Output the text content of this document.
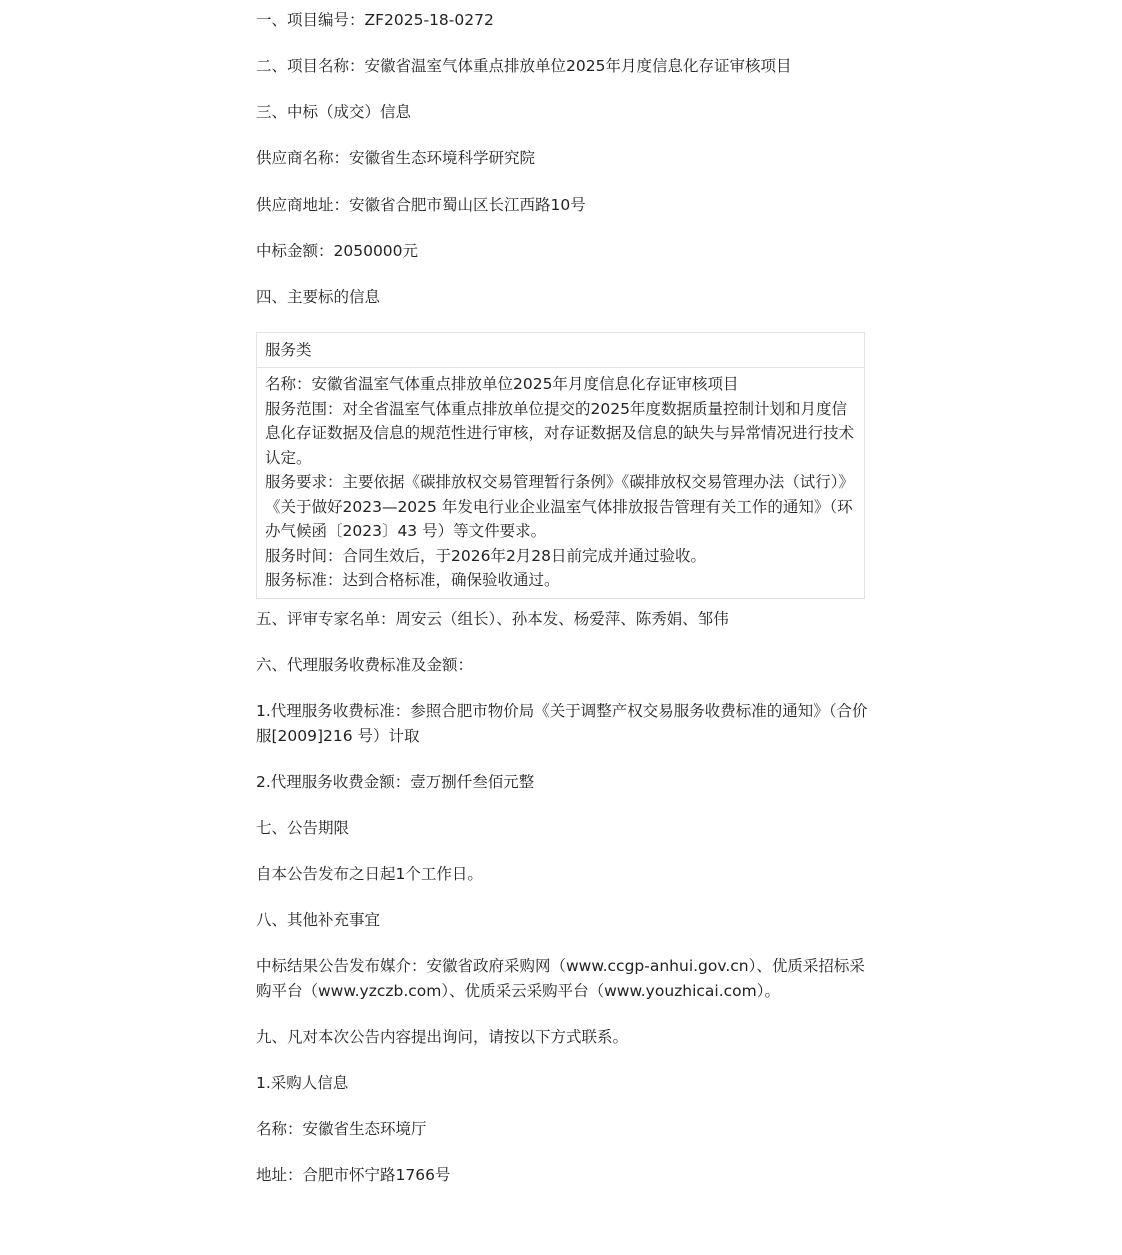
一、项目编号：ZF2025-18-0272

二、项目名称：安徽省温室气体重点排放单位2025年月度信息化存证审核项目

三、中标（成交）信息

供应商名称：安徽省生态环境科学研究院

供应商地址：安徽省合肥市蜀山区长江西路10号

中标金额：2050000元

四、主要标的信息

服务类

名称：安徽省温室气体重点排放单位2025年月度信息化存证审核项目

服务范围：对全省温室气体重点排放单位提交的2025年度数据质量控制计划和月度信息化存证数据及信息的规范性进行审核，对存证数据及信息的缺失与异常情况进行技术认定。

服务要求：主要依据《碳排放权交易管理暂行条例》《碳排放权交易管理办法（试行）》《关于做好2023—2025 年发电行业企业温室气体排放报告管理有关工作的通知》（环办气候函〔2023〕43 号）等文件要求。

服务时间：合同生效后，于2026年2月28日前完成并通过验收。

服务标准：达到合格标准，确保验收通过。

五、评审专家名单：周安云（组长）、孙本发、杨爱萍、陈秀娟、邹伟

六、代理服务收费标准及金额：

1.代理服务收费标准：参照合肥市物价局《关于调整产权交易服务收费标准的通知》（合价服[2009]216 号）计取

2.代理服务收费金额：壹万捌仟叁佰元整

七、公告期限

自本公告发布之日起1个工作日。

八、其他补充事宜

中标结果公告发布媒介：安徽省政府采购网（www.ccgp-anhui.gov.cn）、优质采招标采购平台（www.yzczb.com）、优质采云采购平台（www.youzhicai.com）。

九、凡对本次公告内容提出询问，请按以下方式联系。

1.采购人信息

名称：安徽省生态环境厅

地址：合肥市怀宁路1766号
